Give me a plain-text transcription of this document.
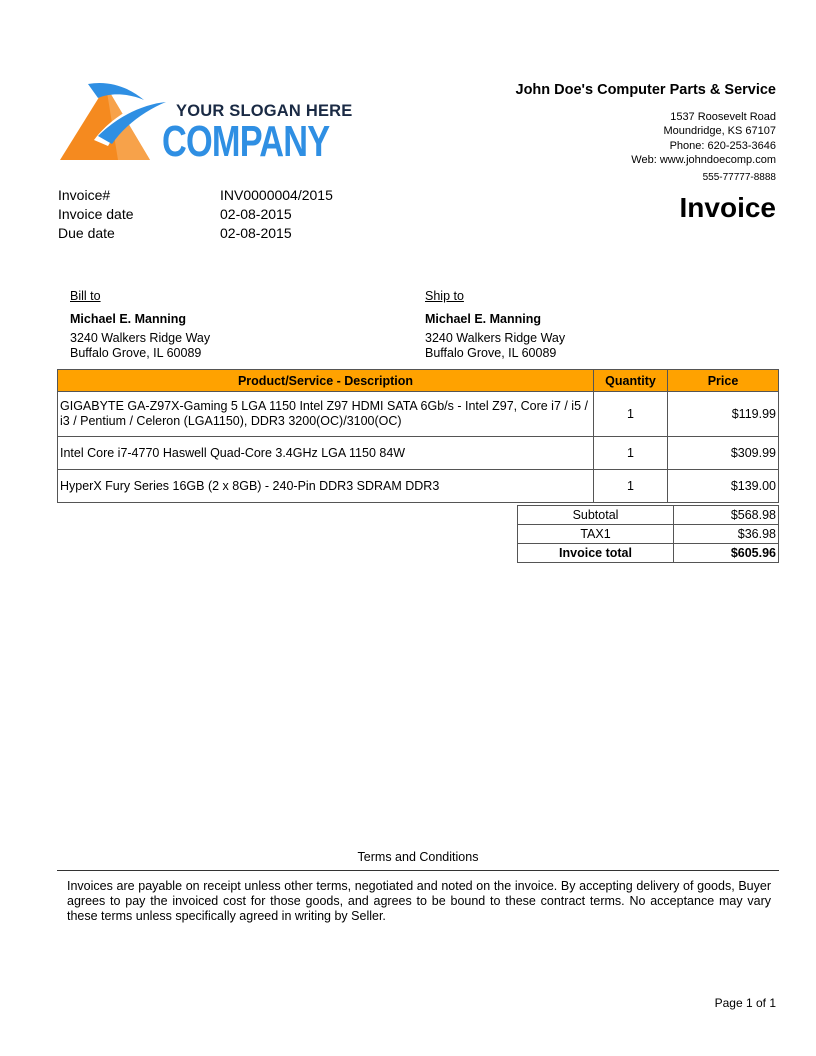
YOUR SLOGAN HERE
COMPANY
John Doe's Computer Parts & Service
1537 Roosevelt Road
Moundridge, KS 67107
Phone: 620-253-3646
Web: www.johndoecomp.com
555-77777-8888
Invoice#	INV0000004/2015
Invoice date	02-08-2015
Due date	02-08-2015
Invoice
Bill to
Michael E. Manning
3240 Walkers Ridge Way
Buffalo Grove, IL 60089
Ship to
Michael E. Manning
3240 Walkers Ridge Way
Buffalo Grove, IL 60089
Product/Service - Description	Quantity	Price
GIGABYTE GA-Z97X-Gaming 5 LGA 1150 Intel Z97 HDMI SATA 6Gb/s - Intel Z97, Core i7 / i5 / i3 / Pentium / Celeron (LGA1150), DDR3 3200(OC)/3100(OC)	1	$119.99
Intel Core i7-4770 Haswell Quad-Core 3.4GHz LGA 1150 84W	1	$309.99
HyperX Fury Series 16GB (2 x 8GB) - 240-Pin DDR3 SDRAM DDR3	1	$139.00
Subtotal	$568.98
TAX1	$36.98
Invoice total	$605.96
Terms and Conditions
Invoices are payable on receipt unless other terms, negotiated and noted on the invoice. By accepting delivery of goods, Buyer agrees to pay the invoiced cost for those goods, and agrees to be bound to these contract terms. No acceptance may vary these terms unless specifically agreed in writing by Seller.
Page 1 of 1
